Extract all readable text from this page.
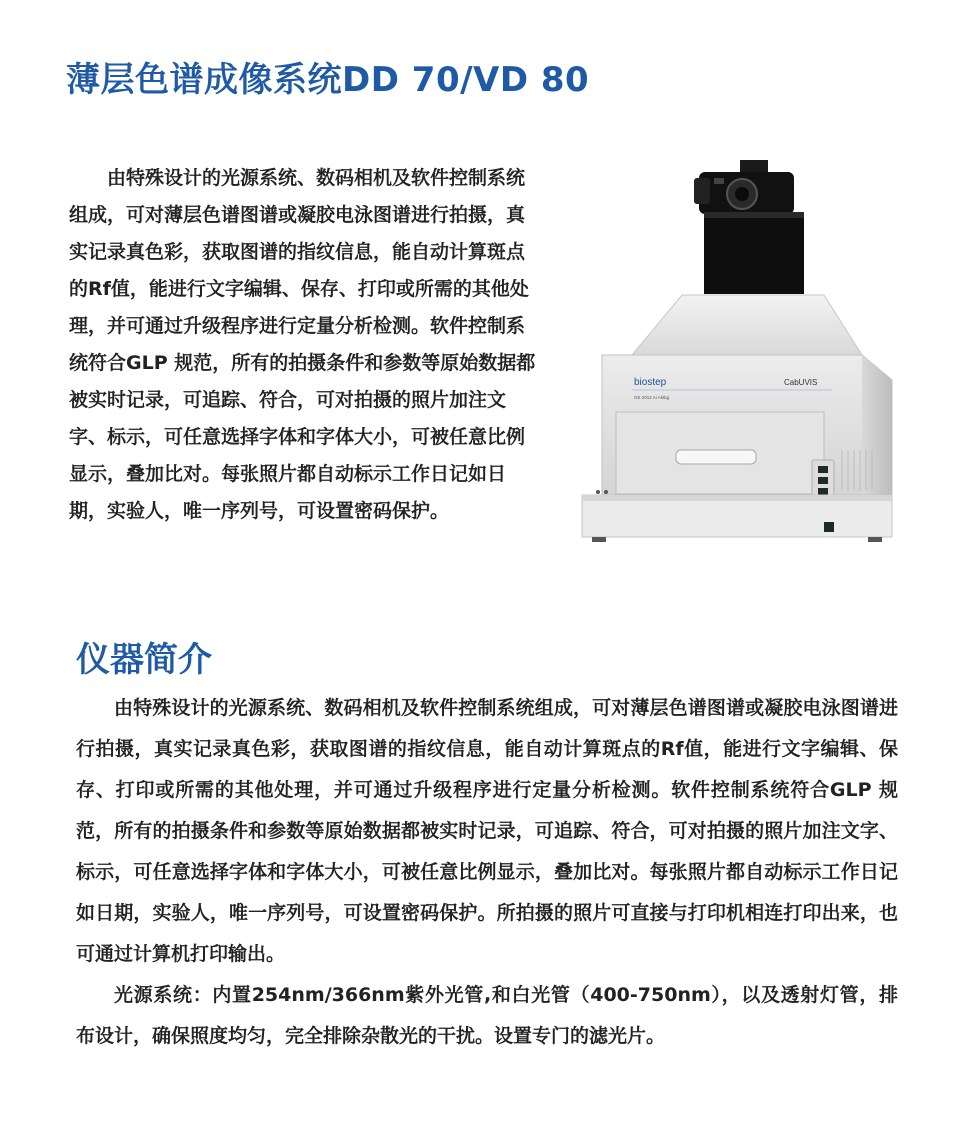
薄层色谱成像系统DD 70/VD 80

由特殊设计的光源系统、数码相机及软件控制系统组成，可对薄层色谱图谱或凝胶电泳图谱进行拍摄，真实记录真色彩，获取图谱的指纹信息，能自动计算斑点的Rf值，能进行文字编辑、保存、打印或所需的其他处理，并可通过升级程序进行定量分析检测。软件控制系统符合GLP 规范，所有的拍摄条件和参数等原始数据都被实时记录，可追踪、符合，可对拍摄的照片加注文字、标示，可任意选择字体和字体大小，可被任意比例显示，叠加比对。每张照片都自动标示工作日记如日期，实验人，唯一序列号，可设置密码保护。

biostep
GE 2012 Ai Aktbg
CabUVIS
仪器简介

由特殊设计的光源系统、数码相机及软件控制系统组成，可对薄层色谱图谱或凝胶电泳图谱进行拍摄，真实记录真色彩，获取图谱的指纹信息，能自动计算斑点的Rf值，能进行文字编辑、保存、打印或所需的其他处理，并可通过升级程序进行定量分析检测。软件控制系统符合GLP 规范，所有的拍摄条件和参数等原始数据都被实时记录，可追踪、符合，可对拍摄的照片加注文字、标示，可任意选择字体和字体大小，可被任意比例显示，叠加比对。每张照片都自动标示工作日记如日期，实验人，唯一序列号，可设置密码保护。所拍摄的照片可直接与打印机相连打印出来，也可通过计算机打印输出。

光源系统：内置254nm/366nm紫外光管,和白光管（400-750nm），以及透射灯管，排布设计，确保照度均匀，完全排除杂散光的干扰。设置专门的滤光片。
